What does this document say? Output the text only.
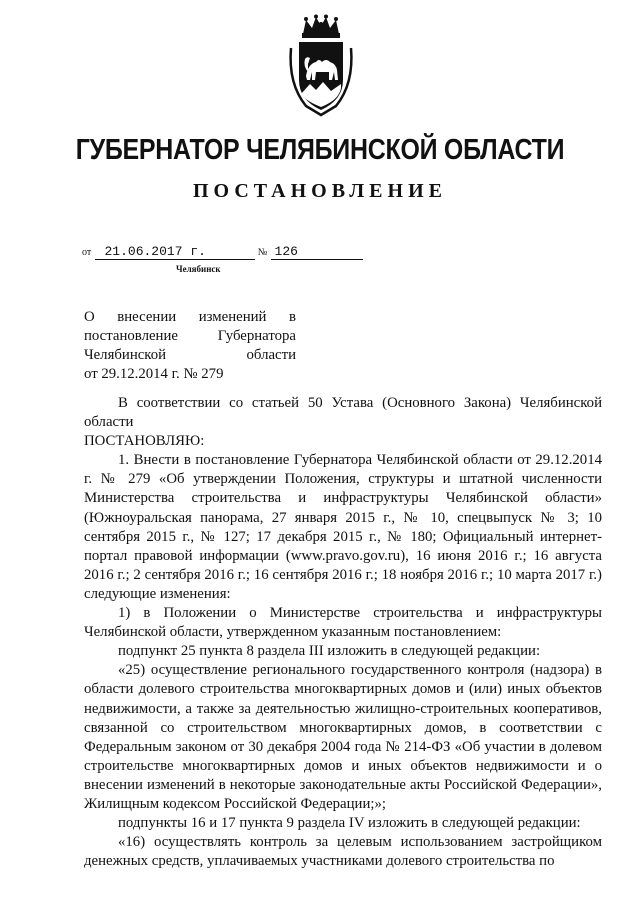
ГУБЕРНАТОР ЧЕЛЯБИНСКОЙ ОБЛАСТИ
ПОСТАНОВЛЕНИЕ
от 21.06.2017 г.	№ 126
Челябинск
О внесении изменений в
постановление Губернатора
Челябинской области
от 29.12.2014 г. № 279

В соответствии со статьей 50 Устава (Основного Закона) Челябинской области

ПОСТАНОВЛЯЮ:

1. Внести в постановление Губернатора Челябинской области от 29.12.2014 г. № 279 «Об утверждении Положения, структуры и штатной численности Министерства строительства и инфраструктуры Челябинской области» (Южноуральская панорама, 27 января 2015 г., № 10, спецвыпуск № 3; 10 сентября 2015 г., № 127; 17 декабря 2015 г., № 180; Официальный интернет-портал правовой информации (www.pravo.gov.ru), 16 июня 2016 г.; 16 августа 2016 г.; 2 сентября 2016 г.; 16 сентября 2016 г.; 18 ноября 2016 г.; 10 марта 2017 г.) следующие изменения:

1) в Положении о Министерстве строительства и инфраструктуры Челябинской области, утвержденном указанным постановлением:

подпункт 25 пункта 8 раздела III изложить в следующей редакции:

«25) осуществление регионального государственного контроля (надзора) в области долевого строительства многоквартирных домов и (или) иных объектов недвижимости, а также за деятельностью жилищно-строительных кооперативов, связанной со строительством многоквартирных домов, в соответствии с Федеральным законом от 30 декабря 2004 года № 214-ФЗ «Об участии в долевом строительстве многоквартирных домов и иных объектов недвижимости и о внесении изменений в некоторые законодательные акты Российской Федерации», Жилищным кодексом Российской Федерации;»;

подпункты 16 и 17 пункта 9 раздела IV изложить в следующей редакции:

«16) осуществлять контроль за целевым использованием застройщиком денежных средств, уплачиваемых участниками долевого строительства по
